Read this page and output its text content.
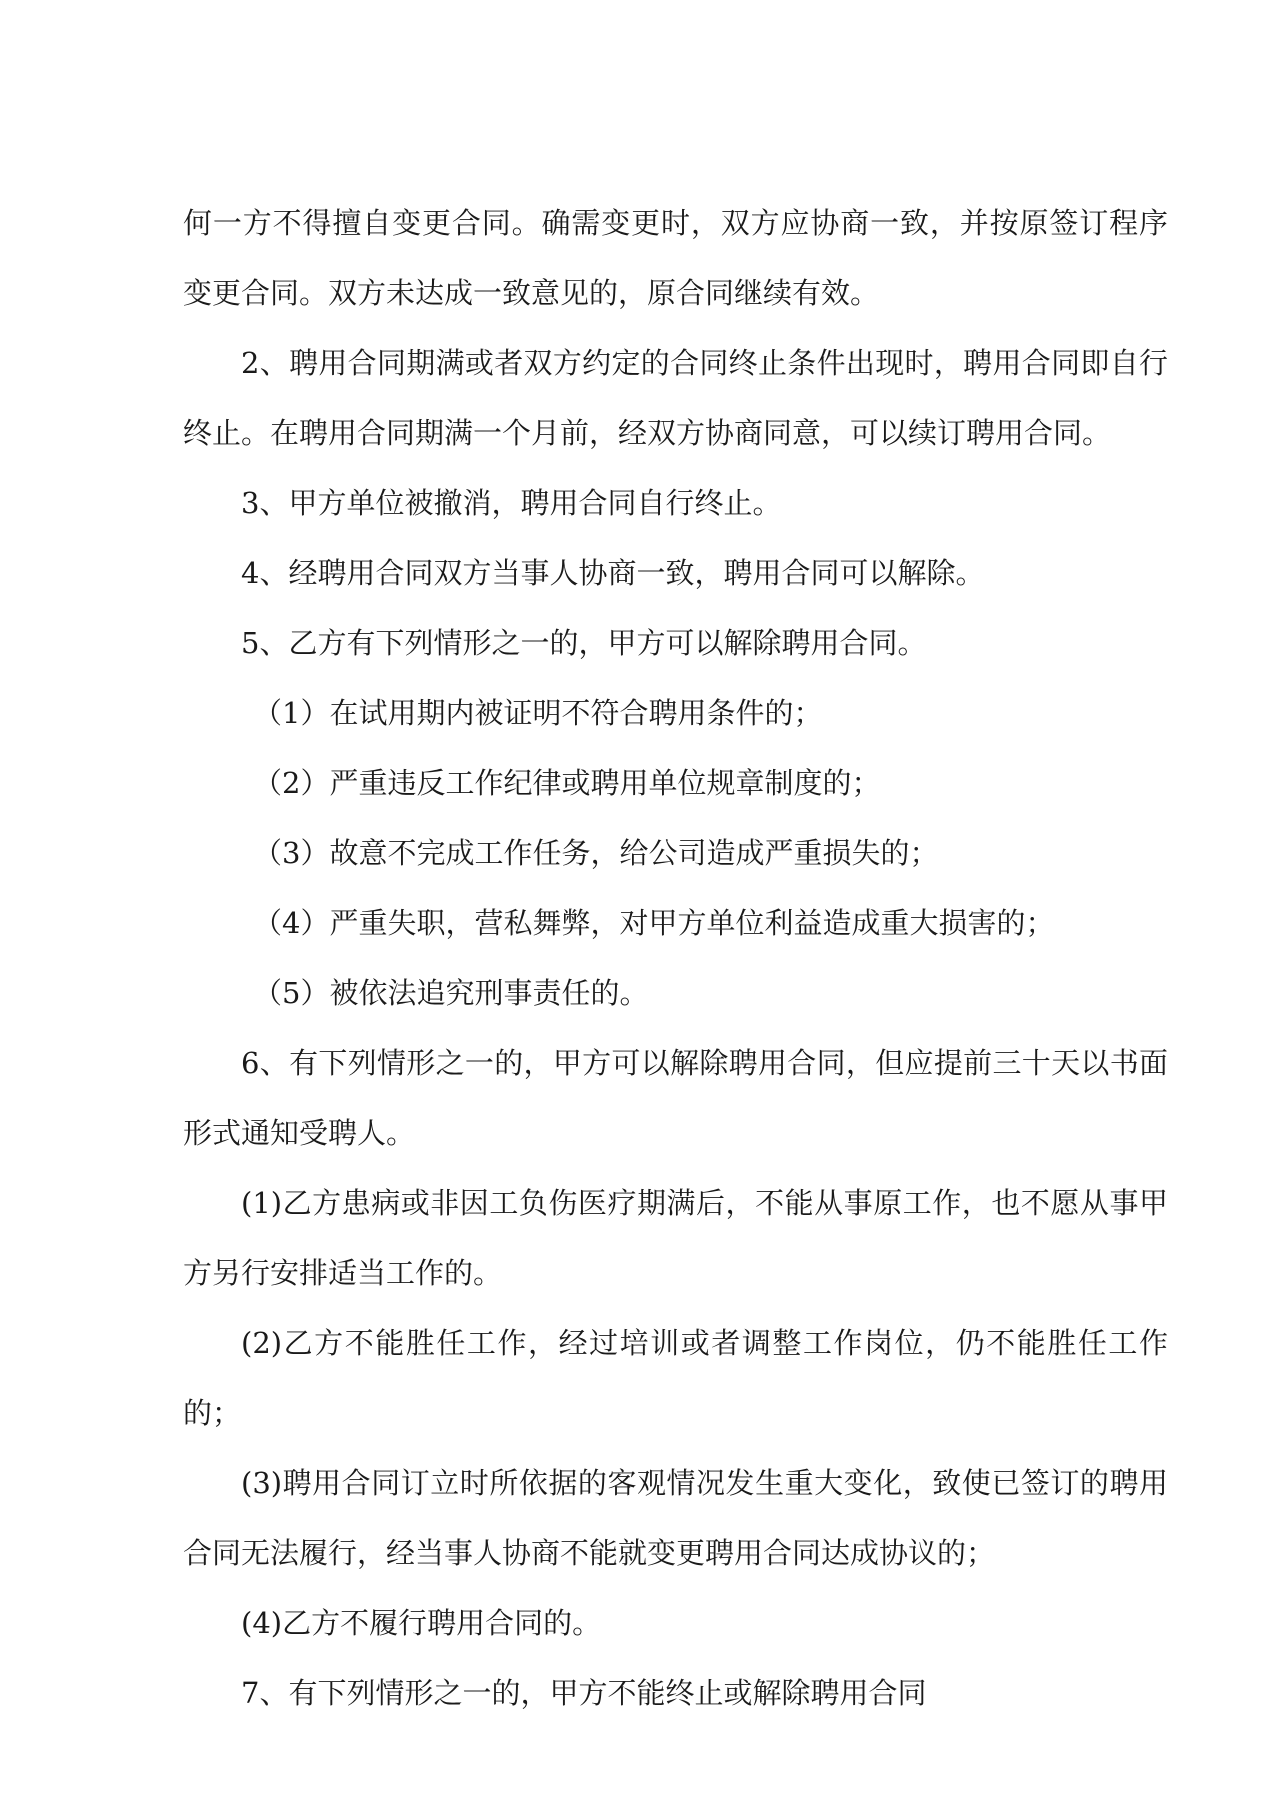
何一方不得擅自变更合同。确需变更时，双方应协商一致，并按原签订程序变更合同。双方未达成一致意见的，原合同继续有效。

2、聘用合同期满或者双方约定的合同终止条件出现时，聘用合同即自行终止。在聘用合同期满一个月前，经双方协商同意，可以续订聘用合同。

3、甲方单位被撤消，聘用合同自行终止。

4、经聘用合同双方当事人协商一致，聘用合同可以解除。

5、乙方有下列情形之一的，甲方可以解除聘用合同。

（1）在试用期内被证明不符合聘用条件的；

（2）严重违反工作纪律或聘用单位规章制度的；

（3）故意不完成工作任务，给公司造成严重损失的；

（4）严重失职，营私舞弊，对甲方单位利益造成重大损害的；

（5）被依法追究刑事责任的。

6、有下列情形之一的，甲方可以解除聘用合同，但应提前三十天以书面形式通知受聘人。

(1)乙方患病或非因工负伤医疗期满后，不能从事原工作，也不愿从事甲方另行安排适当工作的。

(2)乙方不能胜任工作，经过培训或者调整工作岗位，仍不能胜任工作的；

(3)聘用合同订立时所依据的客观情况发生重大变化，致使已签订的聘用合同无法履行，经当事人协商不能就变更聘用合同达成协议的；

(4)乙方不履行聘用合同的。

7、有下列情形之一的，甲方不能终止或解除聘用合同
